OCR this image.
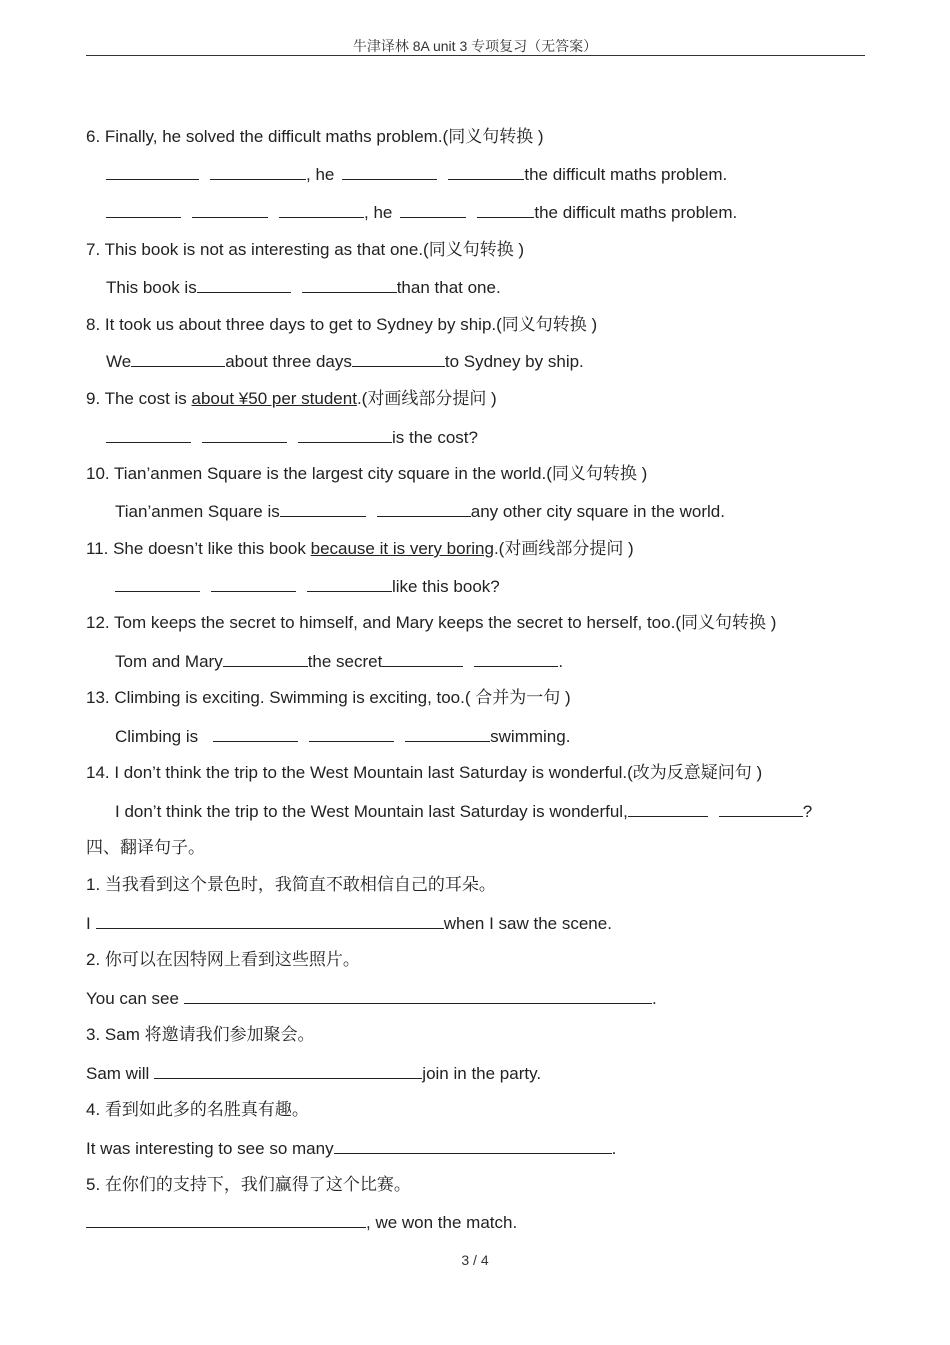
牛津译林 8A unit 3 专项复习（无答案）
6. Finally, he solved the difficult maths problem.(同义句转换 )
, he	the difficult maths problem.
, he	the difficult maths problem.
7. This book is not as interesting as that one.(同义句转换 )
This book is	than that one.
8. It took us about three days to get to Sydney by ship.(同义句转换 )
We	about three days	to Sydney by ship.
9. The cost is about ¥50 per student.(对画线部分提问 )
is the cost?
10. Tian’anmen Square is the largest city square in the world.(同义句转换 )
Tian’anmen Square is	any other city square in the world.
11. She doesn’t like this book because it is very boring.(对画线部分提问 )
like this book?
12. Tom keeps the secret to himself, and Mary keeps the secret to herself, too.(同义句转换 )
Tom and Mary	the secret	.
13. Climbing is exciting. Swimming is exciting, too.( 合并为一句 )
Climbing is	swimming.
14. I don’t think the trip to the West Mountain last Saturday is wonderful.(改为反意疑问句 )
I don’t think the trip to the West Mountain last Saturday is wonderful,	?
四、翻译句子。
1. 当我看到这个景色时，我简直不敢相信自己的耳朵。
I	when I saw the scene.
2. 你可以在因特网上看到这些照片。
You can see	.
3. Sam 将邀请我们参加聚会。
Sam will	join in the party.
4. 看到如此多的名胜真有趣。
It was interesting to see so many	.
5. 在你们的支持下，我们赢得了这个比赛。
, we won the match.
3 / 4
